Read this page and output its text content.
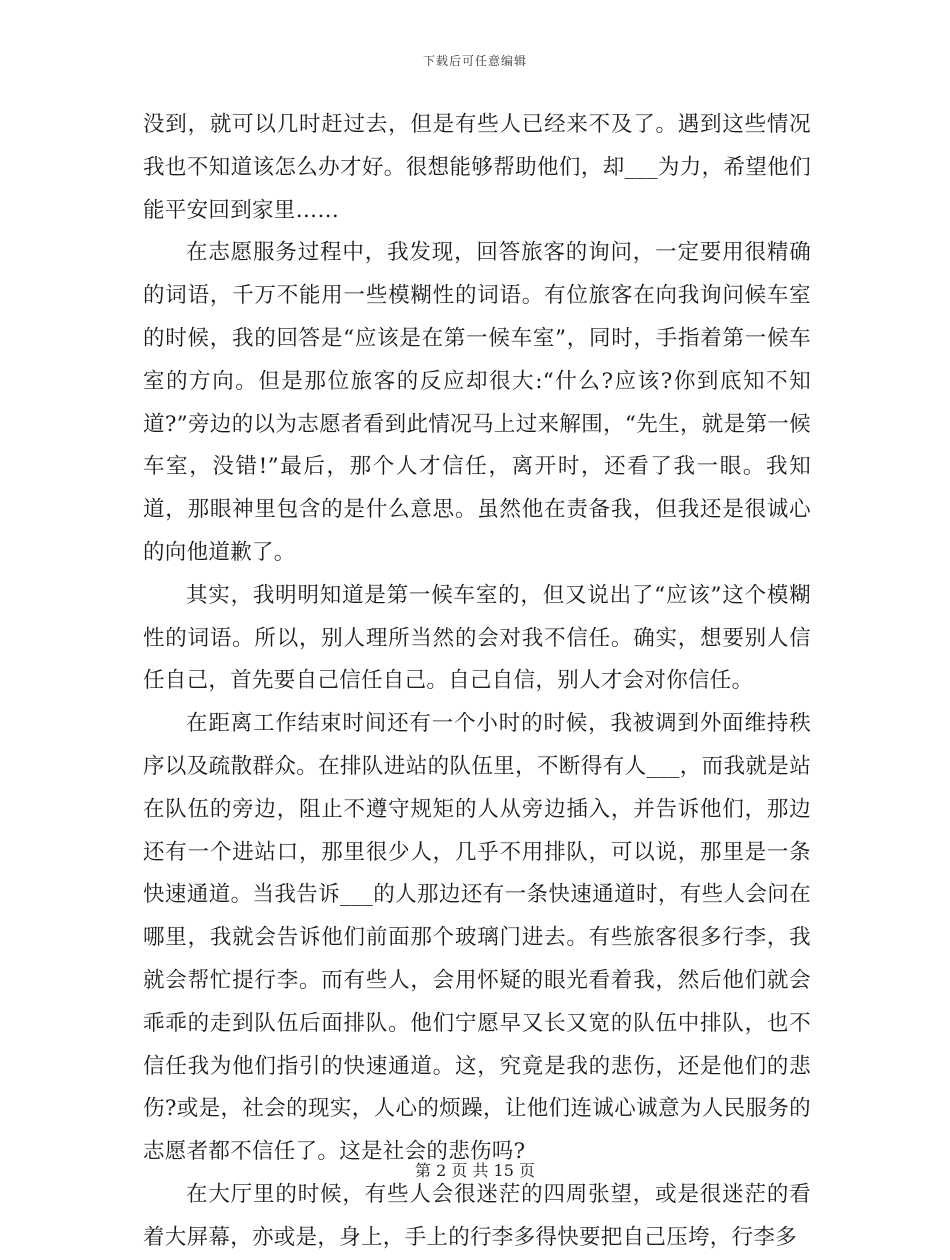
下载后可任意编辑

没到，就可以几时赶过去，但是有些人已经来不及了。遇到这些情况我也不知道该怎么办才好。很想能够帮助他们，却___为力，希望他们能平安回到家里……

在志愿服务过程中，我发现，回答旅客的询问，一定要用很精确的词语，千万不能用一些模糊性的词语。有位旅客在向我询问候车室的时候，我的回答是“应该是在第一候车室”，同时，手指着第一候车室的方向。但是那位旅客的反应却很大:“什么?应该?你到底知不知道?”旁边的以为志愿者看到此情况马上过来解围，“先生，就是第一候车室，没错!”最后，那个人才信任，离开时，还看了我一眼。我知道，那眼神里包含的是什么意思。虽然他在责备我，但我还是很诚心的向他道歉了。

其实，我明明知道是第一候车室的，但又说出了“应该”这个模糊性的词语。所以，别人理所当然的会对我不信任。确实，想要别人信任自己，首先要自己信任自己。自己自信，别人才会对你信任。

在距离工作结束时间还有一个小时的时候，我被调到外面维持秩序以及疏散群众。在排队进站的队伍里，不断得有人___，而我就是站在队伍的旁边，阻止不遵守规矩的人从旁边插入，并告诉他们，那边还有一个进站口，那里很少人，几乎不用排队，可以说，那里是一条快速通道。当我告诉___的人那边还有一条快速通道时，有些人会问在哪里，我就会告诉他们前面那个玻璃门进去。有些旅客很多行李，我就会帮忙提行李。而有些人，会用怀疑的眼光看着我，然后他们就会乖乖的走到队伍后面排队。他们宁愿早又长又宽的队伍中排队，也不信任我为他们指引的快速通道。这，究竟是我的悲伤，还是他们的悲伤?或是，社会的现实，人心的烦躁，让他们连诚心诚意为人民服务的志愿者都不信任了。这是社会的悲伤吗?

在大厅里的时候，有些人会很迷茫的四周张望，或是很迷茫的看着大屏幕，亦或是，身上，手上的行李多得快要把自己压垮，行李多

第 2 页 共 15 页
